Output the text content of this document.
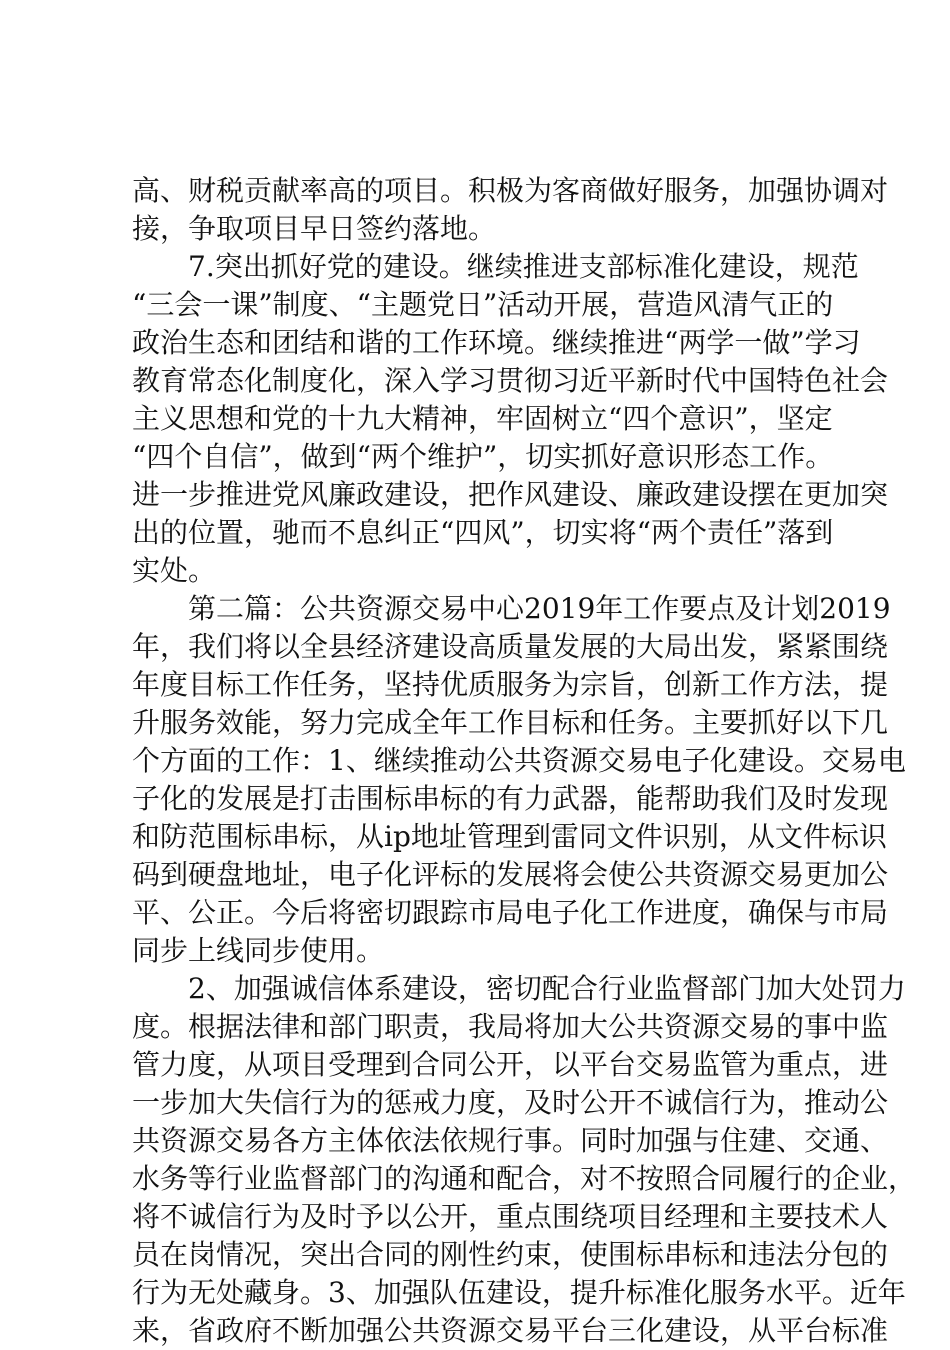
高、财税贡献率高的项目。积极为客商做好服务，加强协调对
接，争取项目早日签约落地。
　　7.突出抓好党的建设。继续推进支部标准化建设，规范
“三会一课”制度、“主题党日”活动开展，营造风清气正的
政治生态和团结和谐的工作环境。继续推进“两学一做”学习
教育常态化制度化，深入学习贯彻习近平新时代中国特色社会
主义思想和党的十九大精神，牢固树立“四个意识”，坚定
“四个自信”，做到“两个维护”，切实抓好意识形态工作。
进一步推进党风廉政建设，把作风建设、廉政建设摆在更加突
出的位置，驰而不息纠正“四风”，切实将“两个责任”落到
实处。
　　第二篇：公共资源交易中心2019年工作要点及计划2019
年，我们将以全县经济建设高质量发展的大局出发，紧紧围绕
年度目标工作任务，坚持优质服务为宗旨，创新工作方法，提
升服务效能，努力完成全年工作目标和任务。主要抓好以下几
个方面的工作：1、继续推动公共资源交易电子化建设。交易电
子化的发展是打击围标串标的有力武器，能帮助我们及时发现
和防范围标串标，从ip地址管理到雷同文件识别，从文件标识
码到硬盘地址，电子化评标的发展将会使公共资源交易更加公
平、公正。今后将密切跟踪市局电子化工作进度，确保与市局
同步上线同步使用。
　　2、加强诚信体系建设，密切配合行业监督部门加大处罚力
度。根据法律和部门职责，我局将加大公共资源交易的事中监
管力度，从项目受理到合同公开，以平台交易监管为重点，进
一步加大失信行为的惩戒力度，及时公开不诚信行为，推动公
共资源交易各方主体依法依规行事。同时加强与住建、交通、
水务等行业监督部门的沟通和配合，对不按照合同履行的企业，
将不诚信行为及时予以公开，重点围绕项目经理和主要技术人
员在岗情况，突出合同的刚性约束，使围标串标和违法分包的
行为无处藏身。3、加强队伍建设，提升标准化服务水平。近年
来，省政府不断加强公共资源交易平台三化建设，从平台标准
